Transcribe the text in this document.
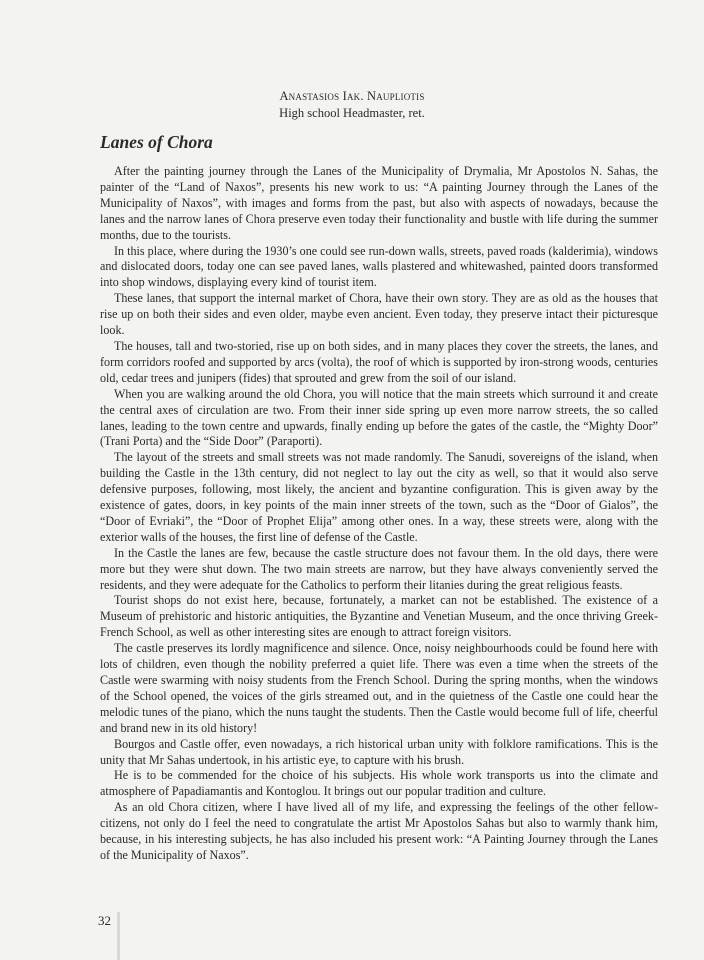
Anastasios Iak. Naupliotis
High school Headmaster, ret.
Lanes of Chora

After the painting journey through the Lanes of the Municipality of Drymalia, Mr Apostolos N. Sahas, the painter of the “Land of Naxos”, presents his new work to us: “A painting Journey through the Lanes of the Municipality of Naxos”, with images and forms from the past, but also with aspects of nowadays, because the lanes and the narrow lanes of Chora preserve even today their functionality and bustle with life during the summer months, due to the tourists.

In this place, where during the 1930’s one could see run-down walls, streets, paved roads (kalderimia), windows and dislocated doors, today one can see paved lanes, walls plastered and whitewashed, painted doors transformed into shop windows, displaying every kind of tourist item.

These lanes, that support the internal market of Chora, have their own story. They are as old as the houses that rise up on both their sides and even older, maybe even ancient. Even today, they preserve intact their picturesque look.

The houses, tall and two-storied, rise up on both sides, and in many places they cover the streets, the lanes, and form corridors roofed and supported by arcs (volta), the roof of which is supported by iron-strong woods, centuries old, cedar trees and junipers (fides) that sprouted and grew from the soil of our island.

When you are walking around the old Chora, you will notice that the main streets which surround it and create the central axes of circulation are two. From their inner side spring up even more narrow streets, the so called lanes, leading to the town centre and upwards, finally ending up before the gates of the castle, the “Mighty Door” (Trani Porta) and the “Side Door” (Paraporti).

The layout of the streets and small streets was not made randomly. The Sanudi, sovereigns of the island, when building the Castle in the 13th century, did not neglect to lay out the city as well, so that it would also serve defensive purposes, following, most likely, the ancient and byzantine configuration. This is given away by the existence of gates, doors, in key points of the main inner streets of the town, such as the “Door of Gialos”, the “Door of Evriaki”, the “Door of Prophet Elija” among other ones. In a way, these streets were, along with the exterior walls of the houses, the first line of defense of the Castle.

In the Castle the lanes are few, because the castle structure does not favour them. In the old days, there were more but they were shut down. The two main streets are narrow, but they have always conveniently served the residents, and they were adequate for the Catholics to perform their litanies during the great religious feasts.

Tourist shops do not exist here, because, fortunately, a market can not be established. The existence of a Museum of prehistoric and historic antiquities, the Byzantine and Venetian Museum, and the once thriving Greek-French School, as well as other interesting sites are enough to attract foreign visitors.

The castle preserves its lordly magnificence and silence. Once, noisy neighbourhoods could be found here with lots of children, even though the nobility preferred a quiet life. There was even a time when the streets of the Castle were swarming with noisy students from the French School. During the spring months, when the windows of the School opened, the voices of the girls streamed out, and in the quietness of the Castle one could hear the melodic tunes of the piano, which the nuns taught the students. Then the Castle would become full of life, cheerful and brand new in its old history!

Bourgos and Castle offer, even nowadays, a rich historical urban unity with folklore ramifications. This is the unity that Mr Sahas undertook, in his artistic eye, to capture with his brush.

He is to be commended for the choice of his subjects. His whole work transports us into the climate and atmosphere of Papadiamantis and Kontoglou. It brings out our popular tradition and culture.

As an old Chora citizen, where I have lived all of my life, and expressing the feelings of the other fellow-citizens, not only do I feel the need to congratulate the artist Mr Apostolos Sahas but also to warmly thank him, because, in his interesting subjects, he has also included his present work: “A Painting Journey through the Lanes of the Municipality of Naxos”.

32
